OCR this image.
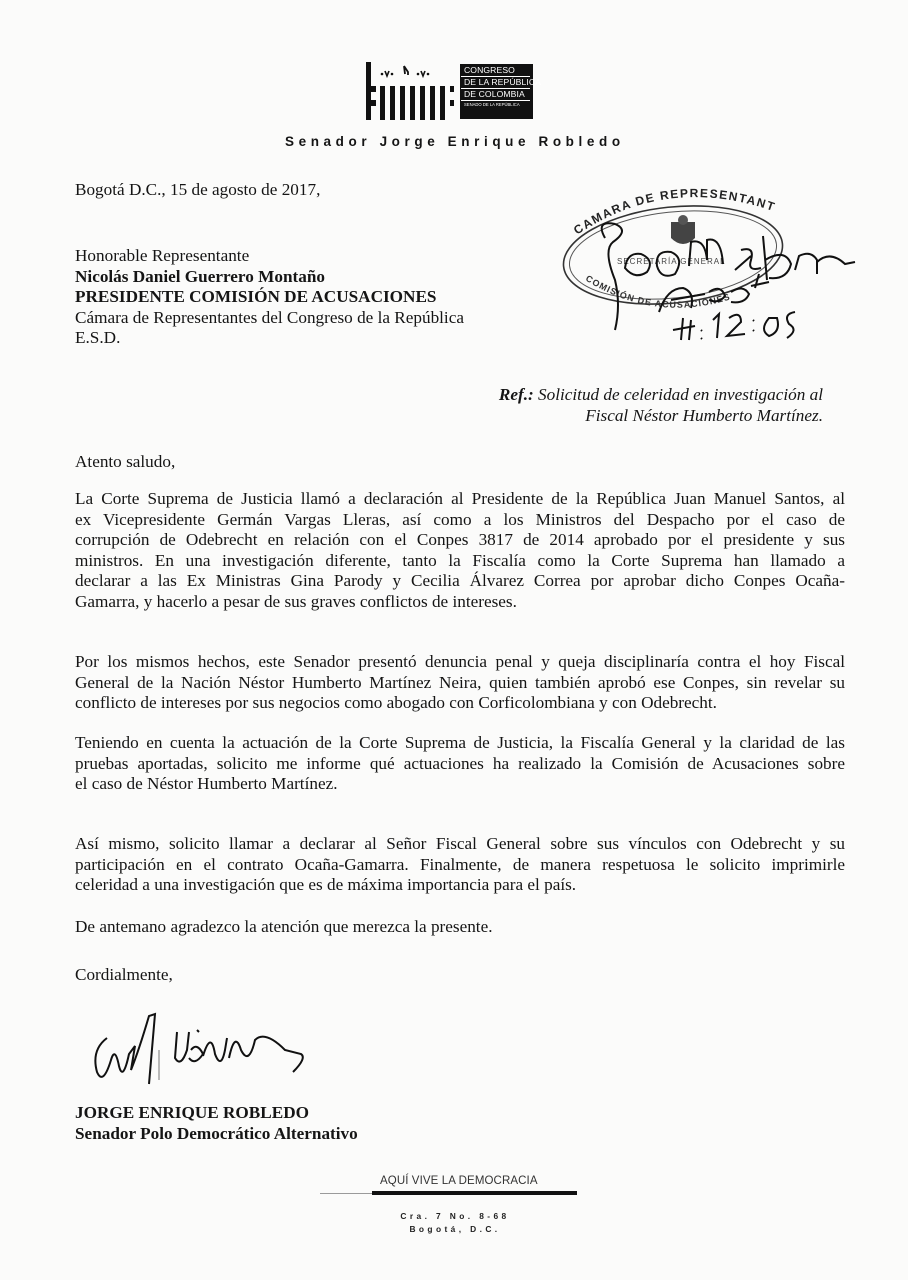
CONGRESO
DE LA REPÚBLICA
DE COLOMBIA
SENADO DE LA REPÚBLICA
Senador Jorge Enrique Robledo
Bogotá D.C., 15 de agosto de 2017,
Honorable Representante
Nicolás Daniel Guerrero Montaño
PRESIDENTE COMISIÓN DE ACUSACIONES
Cámara de Representantes del Congreso de la República
E.S.D.
CAMARA DE REPRESENTANT
SECRETARÍA GENERAL
COMISIÓN DE ACUSACIONES
Ref.: Solicitud de celeridad en investigación al
Fiscal Néstor Humberto Martínez.
Atento saludo,
La Corte Suprema de Justicia llamó a declaración al Presidente de la República Juan Manuel Santos, al
ex Vicepresidente Germán Vargas Lleras, así como a los Ministros del Despacho por el caso de
corrupción de Odebrecht en relación con el Conpes 3817 de 2014 aprobado por el presidente y sus
ministros. En una investigación diferente, tanto la Fiscalía como la Corte Suprema han llamado a
declarar a las Ex Ministras Gina Parody y Cecilia Álvarez Correa por aprobar dicho Conpes Ocaña-
Gamarra, y hacerlo a pesar de sus graves conflictos de intereses.
Por los mismos hechos, este Senador presentó denuncia penal y queja disciplinaría contra el hoy Fiscal
General de la Nación Néstor Humberto Martínez Neira, quien también aprobó ese Conpes, sin revelar su
conflicto de intereses por sus negocios como abogado con Corficolombiana y con Odebrecht.
Teniendo en cuenta la actuación de la Corte Suprema de Justicia, la Fiscalía General y la claridad de las
pruebas aportadas, solicito me informe qué actuaciones ha realizado la Comisión de Acusaciones sobre
el caso de Néstor Humberto Martínez.
Así mismo, solicito llamar a declarar al Señor Fiscal General sobre sus vínculos con Odebrecht y su
participación en el contrato Ocaña-Gamarra. Finalmente, de manera respetuosa le solicito imprimirle
celeridad a una investigación que es de máxima importancia para el país.
De antemano agradezco la atención que merezca la presente.
Cordialmente,
JORGE ENRIQUE ROBLEDO
Senador Polo Democrático Alternativo
AQUÍ VIVE LA DEMOCRACIA
Cra. 7 No. 8-68
Bogotá, D.C.
